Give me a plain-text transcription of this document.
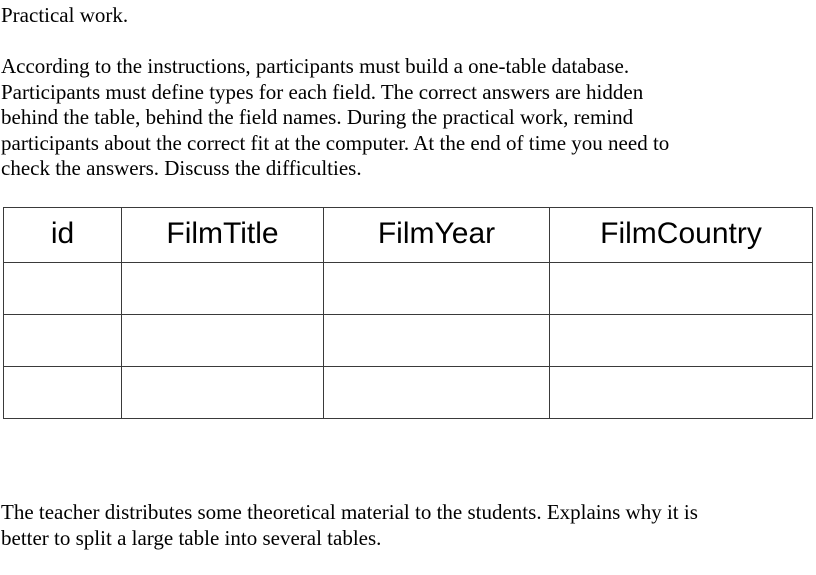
Practical work.

According to the instructions, participants must build a one-table database.
Participants must define types for each field. The correct answers are hidden
behind the table, behind the field names. During the practical work, remind
participants about the correct fit at the computer. At the end of time you need to
check the answers. Discuss the difficulties.

id	FilmTitle	FilmYear	FilmCountry

The teacher distributes some theoretical material to the students. Explains why it is
better to split a large table into several tables.
